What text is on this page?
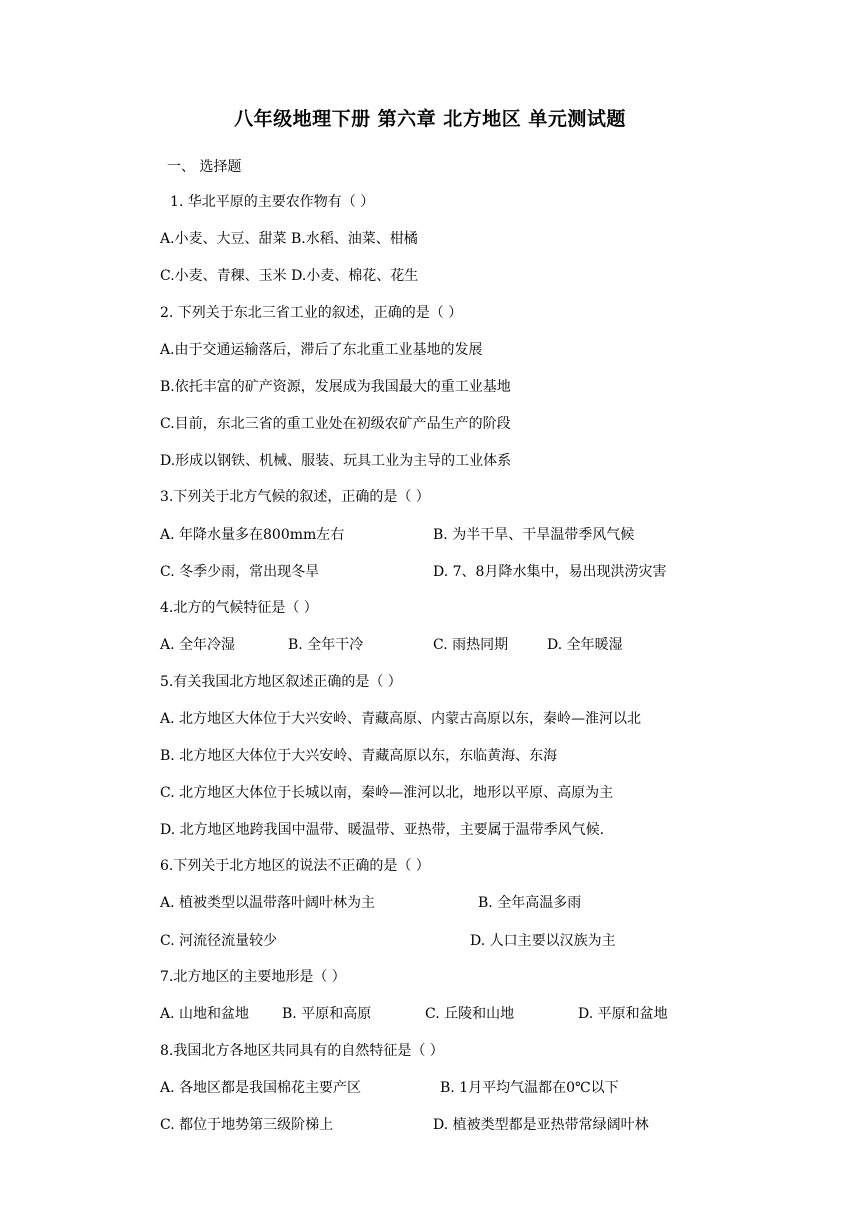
八年级地理下册 第六章 北方地区 单元测试题
一、 选择题
1. 华北平原的主要农作物有（ ）
A.小麦、大豆、甜菜 B.水稻、油菜、柑橘
C.小麦、青稞、玉米 D.小麦、棉花、花生
2. 下列关于东北三省工业的叙述，正确的是（ ）
A.由于交通运输落后，滞后了东北重工业基地的发展
B.依托丰富的矿产资源，发展成为我国最大的重工业基地
C.目前，东北三省的重工业处在初级农矿产品生产的阶段
D.形成以钢铁、机械、服装、玩具工业为主导的工业体系
3.下列关于北方气候的叙述，正确的是（ ）
A. 年降水量多在800mm左右	B. 为半干旱、干旱温带季风气候
C. 冬季少雨，常出现冬旱	D. 7、8月降水集中，易出现洪涝灾害
4.北方的气候特征是（ ）
A. 全年冷湿	B. 全年干冷	C. 雨热同期	D. 全年暖湿
5.有关我国北方地区叙述正确的是（ ）
A. 北方地区大体位于大兴安岭、青藏高原、内蒙古高原以东，秦岭—淮河以北
B. 北方地区大体位于大兴安岭、青藏高原以东，东临黄海、东海
C. 北方地区大体位于长城以南，秦岭—淮河以北，地形以平原、高原为主
D. 北方地区地跨我国中温带、暖温带、亚热带，主要属于温带季风气候.
6.下列关于北方地区的说法不正确的是（ ）
A. 植被类型以温带落叶阔叶林为主	B. 全年高温多雨
C. 河流径流量较少	D. 人口主要以汉族为主
7.北方地区的主要地形是（ ）
A. 山地和盆地 B. 平原和高原	C. 丘陵和山地	D. 平原和盆地
8.我国北方各地区共同具有的自然特征是（ ）
A. 各地区都是我国棉花主要产区	B. 1月平均气温都在0℃以下
C. 都位于地势第三级阶梯上	D. 植被类型都是亚热带常绿阔叶林
